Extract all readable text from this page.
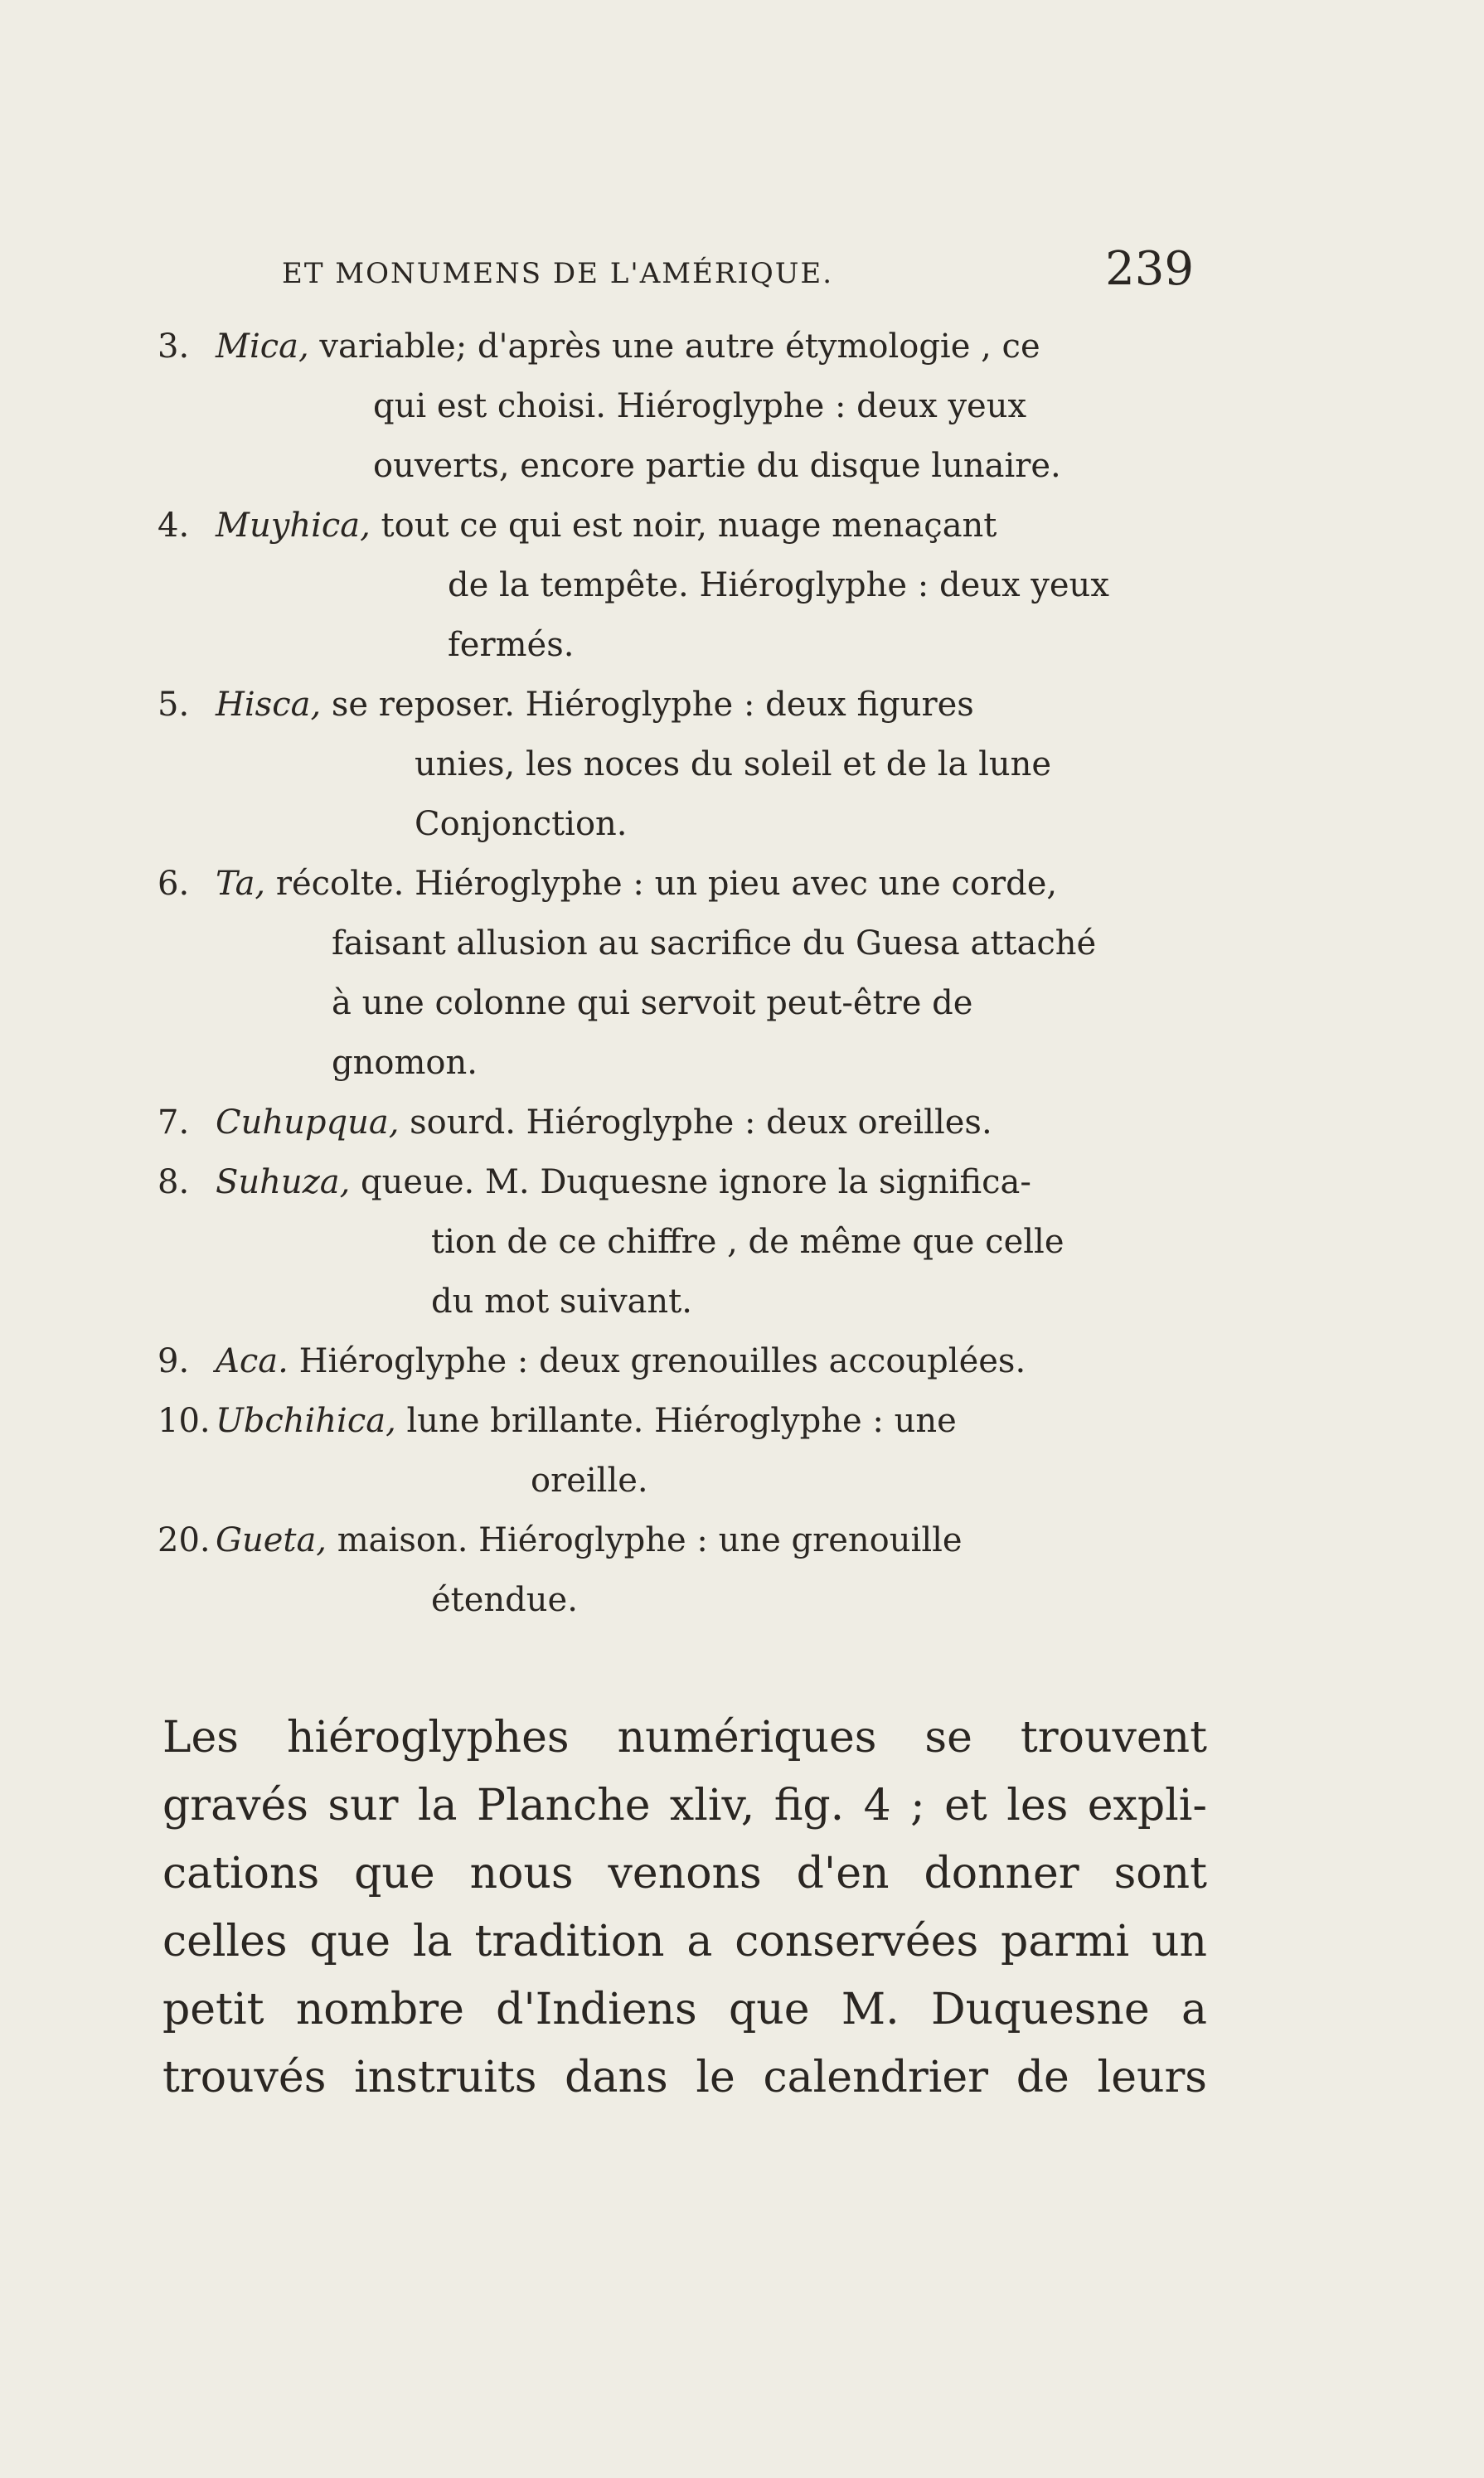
ET MONUMENS DE L'AMÉRIQUE.	239
3. Mica, variable; d'après une autre étymologie , ce
qui est choisi. Hiéroglyphe : deux yeux
ouverts, encore partie du disque lunaire.
4. Muyhica, tout ce qui est noir, nuage menaçant
de la tempête. Hiéroglyphe : deux yeux
fermés.
5. Hisca, se reposer. Hiéroglyphe : deux figures
unies, les noces du soleil et de la lune
Conjonction.
6. Ta, récolte. Hiéroglyphe : un pieu avec une corde,
faisant allusion au sacrifice du Guesa attaché
à une colonne qui servoit peut-être de
gnomon.
7. Cuhupqua, sourd. Hiéroglyphe : deux oreilles.
8. Suhuza, queue. M. Duquesne ignore la significa-
tion de ce chiffre , de même que celle
du mot suivant.
9. Aca. Hiéroglyphe : deux grenouilles accouplées.
10. Ubchihica, lune brillante. Hiéroglyphe : une
oreille.
20. Gueta, maison. Hiéroglyphe : une grenouille
étendue.
Les hiéroglyphes numériques se trouvent
gravés sur la Planche xliv, fig. 4 ; et les expli-
cations que nous venons d'en donner sont
celles que la tradition a conservées parmi un
petit nombre d'Indiens que M. Duquesne a
trouvés instruits dans le calendrier de leurs
